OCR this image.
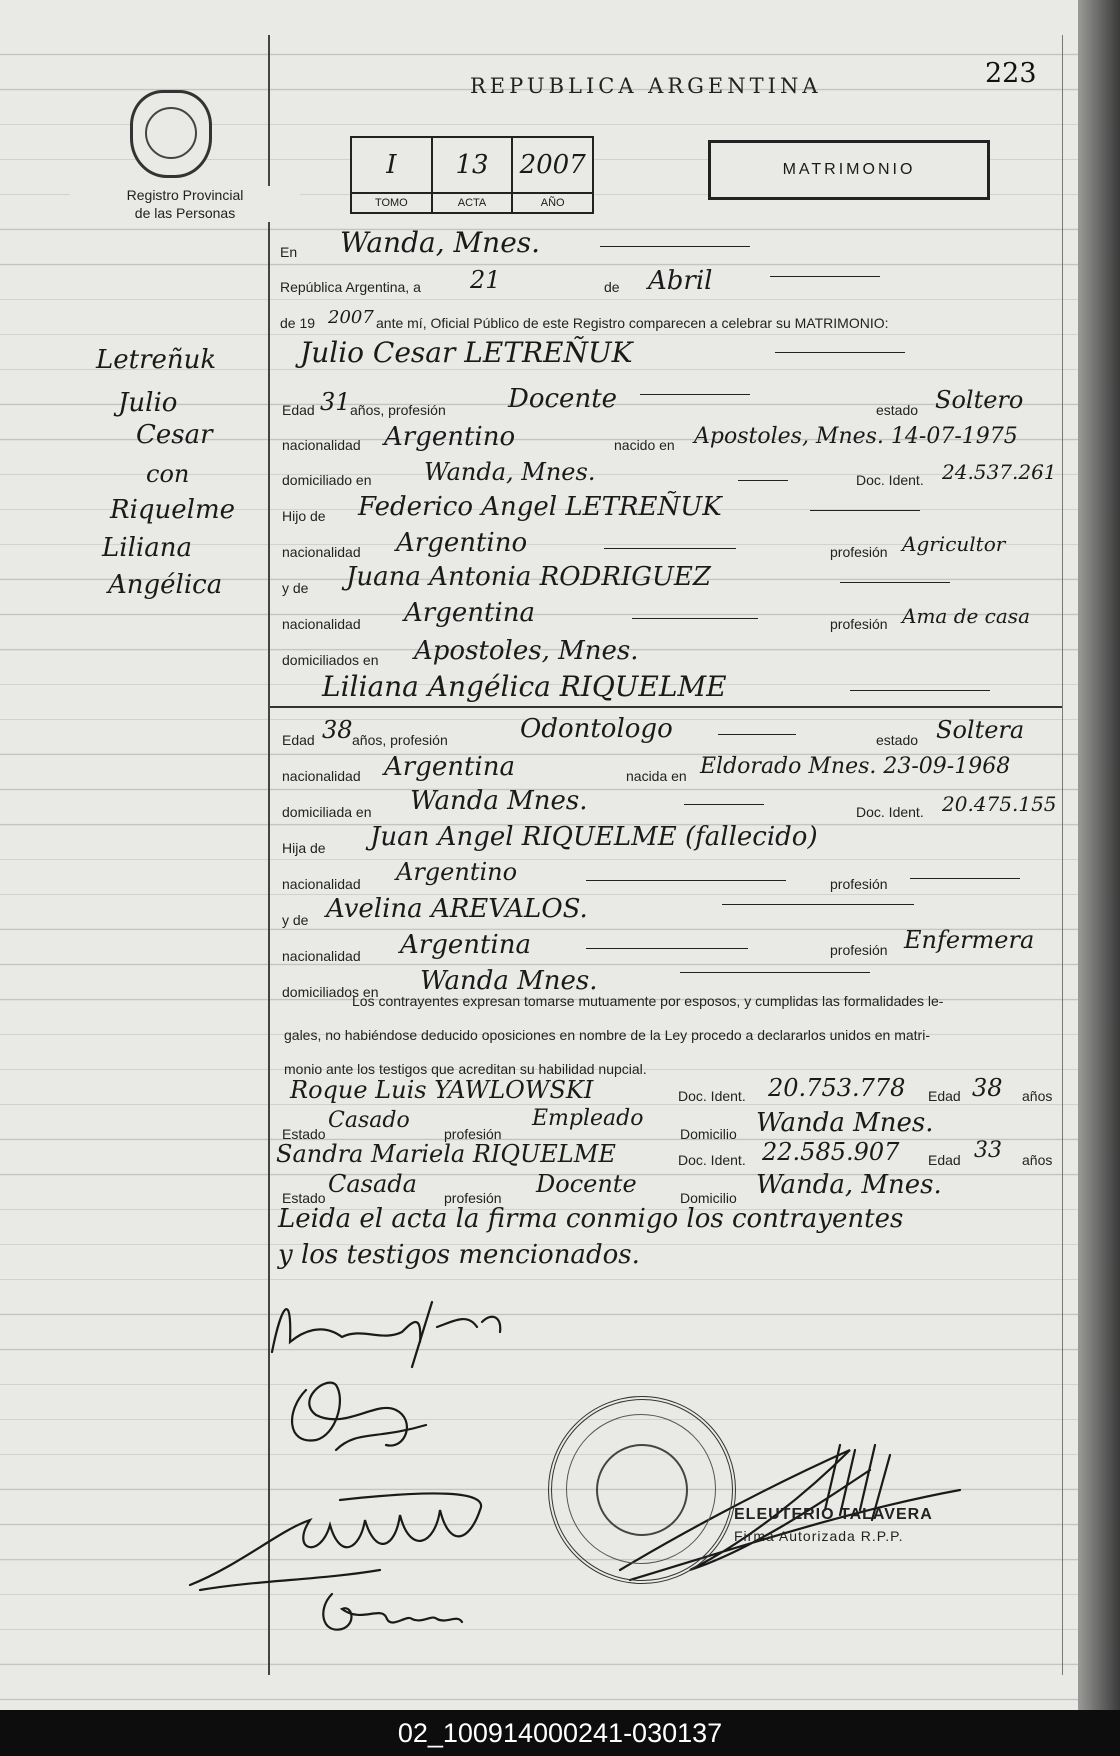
223
REPUBLICA ARGENTINA
Registro Provincial
de las Personas
I
TOMO
13
ACTA
2007
AÑO
MATRIMONIO
Letreñuk
Julio
Cesar
con
Riquelme
Liliana
Angélica
En Wanda, Mnes.
República Argentina, a 21	de Abril
de 19 2007 ante mí, Oficial Público de este Registro comparecen a celebrar su MATRIMONIO:
Julio Cesar LETREÑUK
Edad 31 años, profesión Docente	estado Soltero
nacionalidad Argentino	nacido en Apostoles, Mnes. 14-07-1975
domiciliado en Wanda, Mnes.	Doc. Ident. 24.537.261
Hijo de Federico Angel LETREÑUK
nacionalidad Argentino	profesión Agricultor
y de Juana Antonia RODRIGUEZ
nacionalidad Argentina	profesión Ama de casa
domiciliados en Apostoles, Mnes.
Liliana Angélica RIQUELME
Edad 38 años, profesión	Odontologo	estado Soltera
nacionalidad Argentina	nacida en Eldorado Mnes. 23-09-1968
domiciliada en Wanda Mnes.	Doc. Ident. 20.475.155
Hija de Juan Angel RIQUELME (fallecido)
nacionalidad Argentino	profesión
y de Avelina AREVALOS.
nacionalidad Argentina	profesión Enfermera
domiciliados en Wanda Mnes.
Los contrayentes expresan tomarse mutuamente por esposos, y cumplidas las formalidades le-
gales, no habiéndose deducido oposiciones en nombre de la Ley procedo a declararlos unidos en matri-
monio ante los testigos que acreditan su habilidad nupcial.
Roque Luis YAWLOWSKI	Doc. Ident. 20.753.778 Edad 38 años
Estado
Casado
profesión
Empleado
Domicilio Wanda Mnes.
Sandra Mariela RIQUELME	Doc. Ident. 22.585.907 Edad 33 años
Estado Casada profesión Docente	Domicilio Wanda, Mnes.
Leida el acta la firma conmigo los contrayentes
y los testigos mencionados.
ELEUTERIO TALAVERA
Firma Autorizada R.P.P.
02_100914000241-030137
